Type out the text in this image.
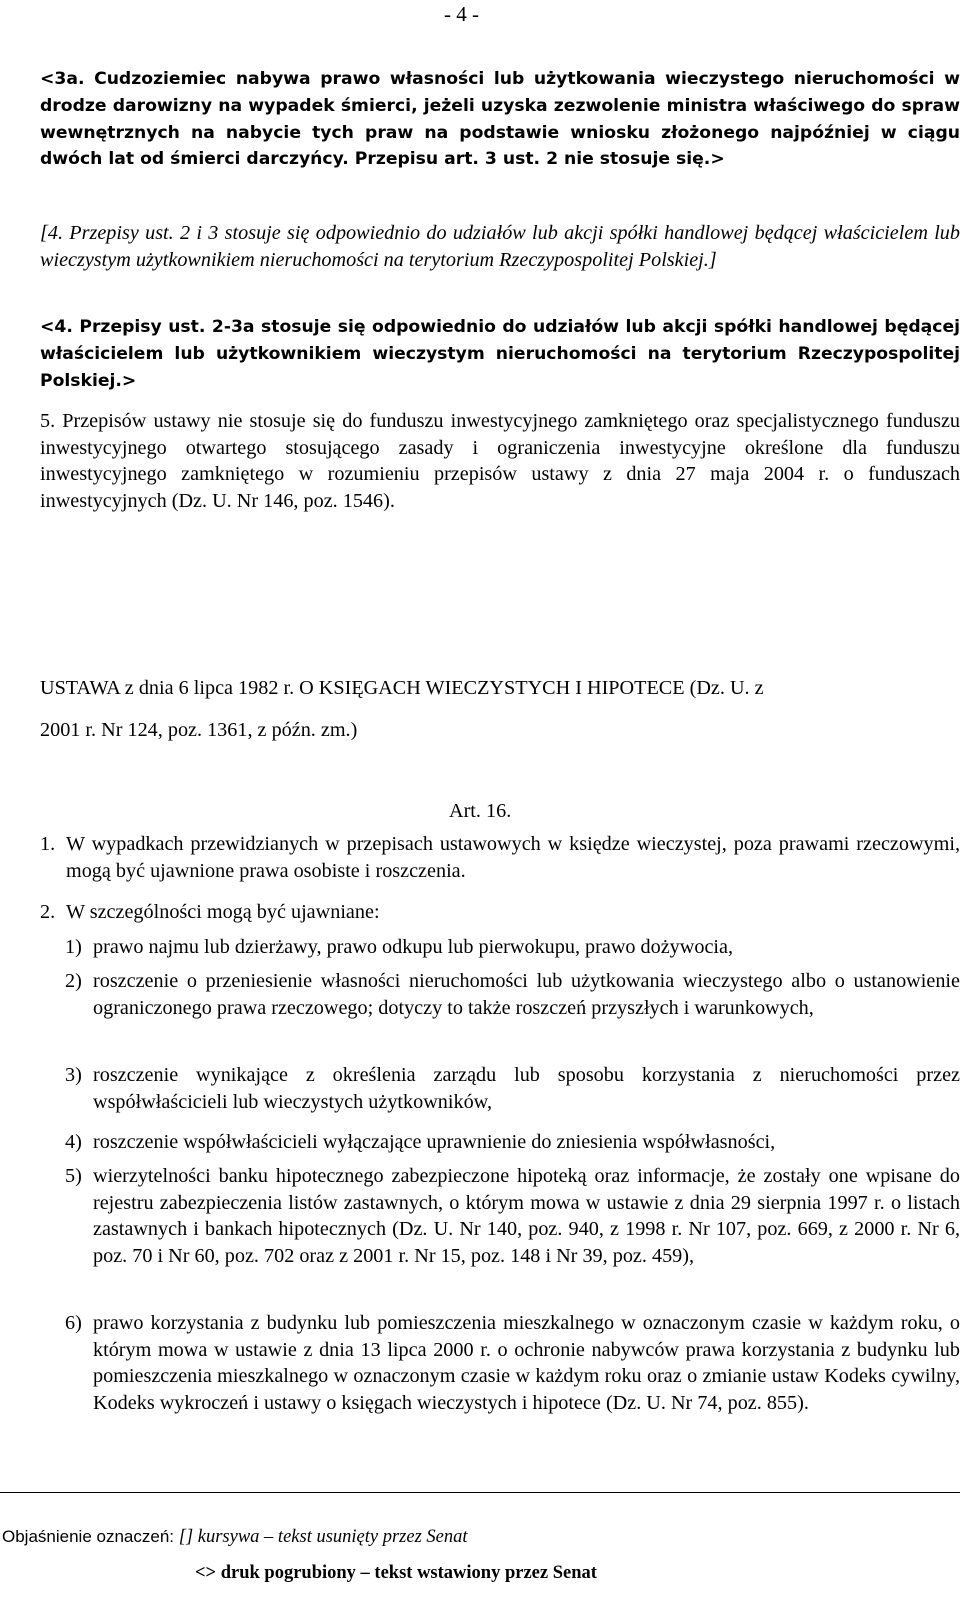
- 4 -
<3a. Cudzoziemiec nabywa prawo własności lub użytkowania wieczystego nieruchomości w drodze darowizny na wypadek śmierci, jeżeli uzyska zezwolenie ministra właściwego do spraw wewnętrznych na nabycie tych praw na podstawie wniosku złożonego najpóźniej w ciągu dwóch lat od śmierci darczyńcy. Przepisu art. 3 ust. 2 nie stosuje się.>
[4. Przepisy ust. 2 i 3 stosuje się odpowiednio do udziałów lub akcji spółki handlowej będącej właścicielem lub wieczystym użytkownikiem nieruchomości na terytorium Rzeczypospolitej Polskiej.]
<4. Przepisy ust. 2-3a stosuje się odpowiednio do udziałów lub akcji spółki handlowej będącej właścicielem lub użytkownikiem wieczystym nieruchomości na terytorium Rzeczypospolitej Polskiej.>
5. Przepisów ustawy nie stosuje się do funduszu inwestycyjnego zamkniętego oraz specjalistycznego funduszu inwestycyjnego otwartego stosującego zasady i ograniczenia inwestycyjne określone dla funduszu inwestycyjnego zamkniętego w rozumieniu przepisów ustawy z dnia 27 maja 2004 r. o funduszach inwestycyjnych (Dz. U. Nr 146, poz. 1546).
USTAWA z dnia 6 lipca 1982 r. O KSIĘGACH WIECZYSTYCH I HIPOTECE (Dz. U. z
2001 r. Nr 124, poz. 1361, z późn. zm.)
Art. 16.
1. W wypadkach przewidzianych w przepisach ustawowych w księdze wieczystej, poza prawami rzeczowymi, mogą być ujawnione prawa osobiste i roszczenia.
2. W szczególności mogą być ujawniane:
1) prawo najmu lub dzierżawy, prawo odkupu lub pierwokupu, prawo dożywocia,
2) roszczenie o przeniesienie własności nieruchomości lub użytkowania wieczystego albo o ustanowienie ograniczonego prawa rzeczowego; dotyczy to także roszczeń przyszłych i warunkowych,
3) roszczenie wynikające z określenia zarządu lub sposobu korzystania z nieruchomości przez współwłaścicieli lub wieczystych użytkowników,
4) roszczenie współwłaścicieli wyłączające uprawnienie do zniesienia współwłasności,
5) wierzytelności banku hipotecznego zabezpieczone hipoteką oraz informacje, że zostały one wpisane do rejestru zabezpieczenia listów zastawnych, o którym mowa w ustawie z dnia 29 sierpnia 1997 r. o listach zastawnych i bankach hipotecznych (Dz. U. Nr 140, poz. 940, z 1998 r. Nr 107, poz. 669, z 2000 r. Nr 6, poz. 70 i Nr 60, poz. 702 oraz z 2001 r. Nr 15, poz. 148 i Nr 39, poz. 459),
6) prawo korzystania z budynku lub pomieszczenia mieszkalnego w oznaczonym czasie w każdym roku, o którym mowa w ustawie z dnia 13 lipca 2000 r. o ochronie nabywców prawa korzystania z budynku lub pomieszczenia mieszkalnego w oznaczonym czasie w każdym roku oraz o zmianie ustaw Kodeks cywilny, Kodeks wykroczeń i ustawy o księgach wieczystych i hipotece (Dz. U. Nr 74, poz. 855).
Objaśnienie oznaczeń: [] kursywa – tekst usunięty przez Senat
<> druk pogrubiony – tekst wstawiony przez Senat
